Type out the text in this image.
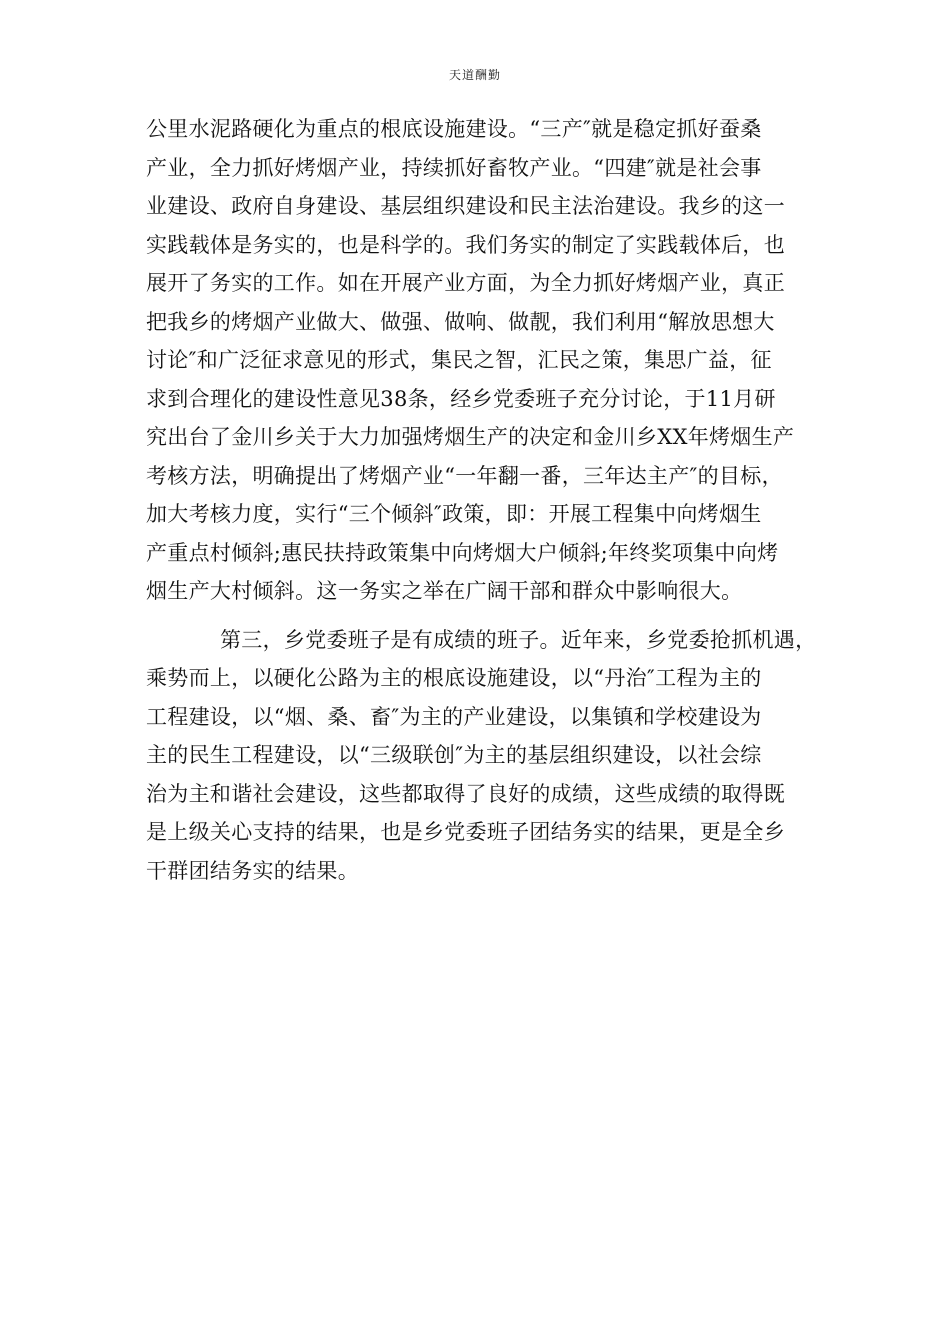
天道酬勤
公里水泥路硬化为重点的根底设施建设。“三产″就是稳定抓好蚕桑
产业，全力抓好烤烟产业，持续抓好畜牧产业。“四建″就是社会事
业建设、政府自身建设、基层组织建设和民主法治建设。我乡的这一
实践载体是务实的，也是科学的。我们务实的制定了实践载体后，也
展开了务实的工作。如在开展产业方面，为全力抓好烤烟产业，真正
把我乡的烤烟产业做大、做强、做响、做靓，我们利用“解放思想大
讨论″和广泛征求意见的形式，集民之智，汇民之策，集思广益，征
求到合理化的建设性意见38条，经乡党委班子充分讨论，于11月研
究出台了金川乡关于大力加强烤烟生产的决定和金川乡XX年烤烟生产
考核方法，明确提出了烤烟产业“一年翻一番，三年达主产″的目标，
加大考核力度，实行“三个倾斜″政策，即：开展工程集中向烤烟生
产重点村倾斜;惠民扶持政策集中向烤烟大户倾斜;年终奖项集中向烤
烟生产大村倾斜。这一务实之举在广阔干部和群众中影响很大。
第三，乡党委班子是有成绩的班子。近年来，乡党委抢抓机遇，
乘势而上，以硬化公路为主的根底设施建设，以“丹治″工程为主的
工程建设，以“烟、桑、畜″为主的产业建设，以集镇和学校建设为
主的民生工程建设，以“三级联创″为主的基层组织建设，以社会综
治为主和谐社会建设，这些都取得了良好的成绩，这些成绩的取得既
是上级关心支持的结果，也是乡党委班子团结务实的结果，更是全乡
干群团结务实的结果。
